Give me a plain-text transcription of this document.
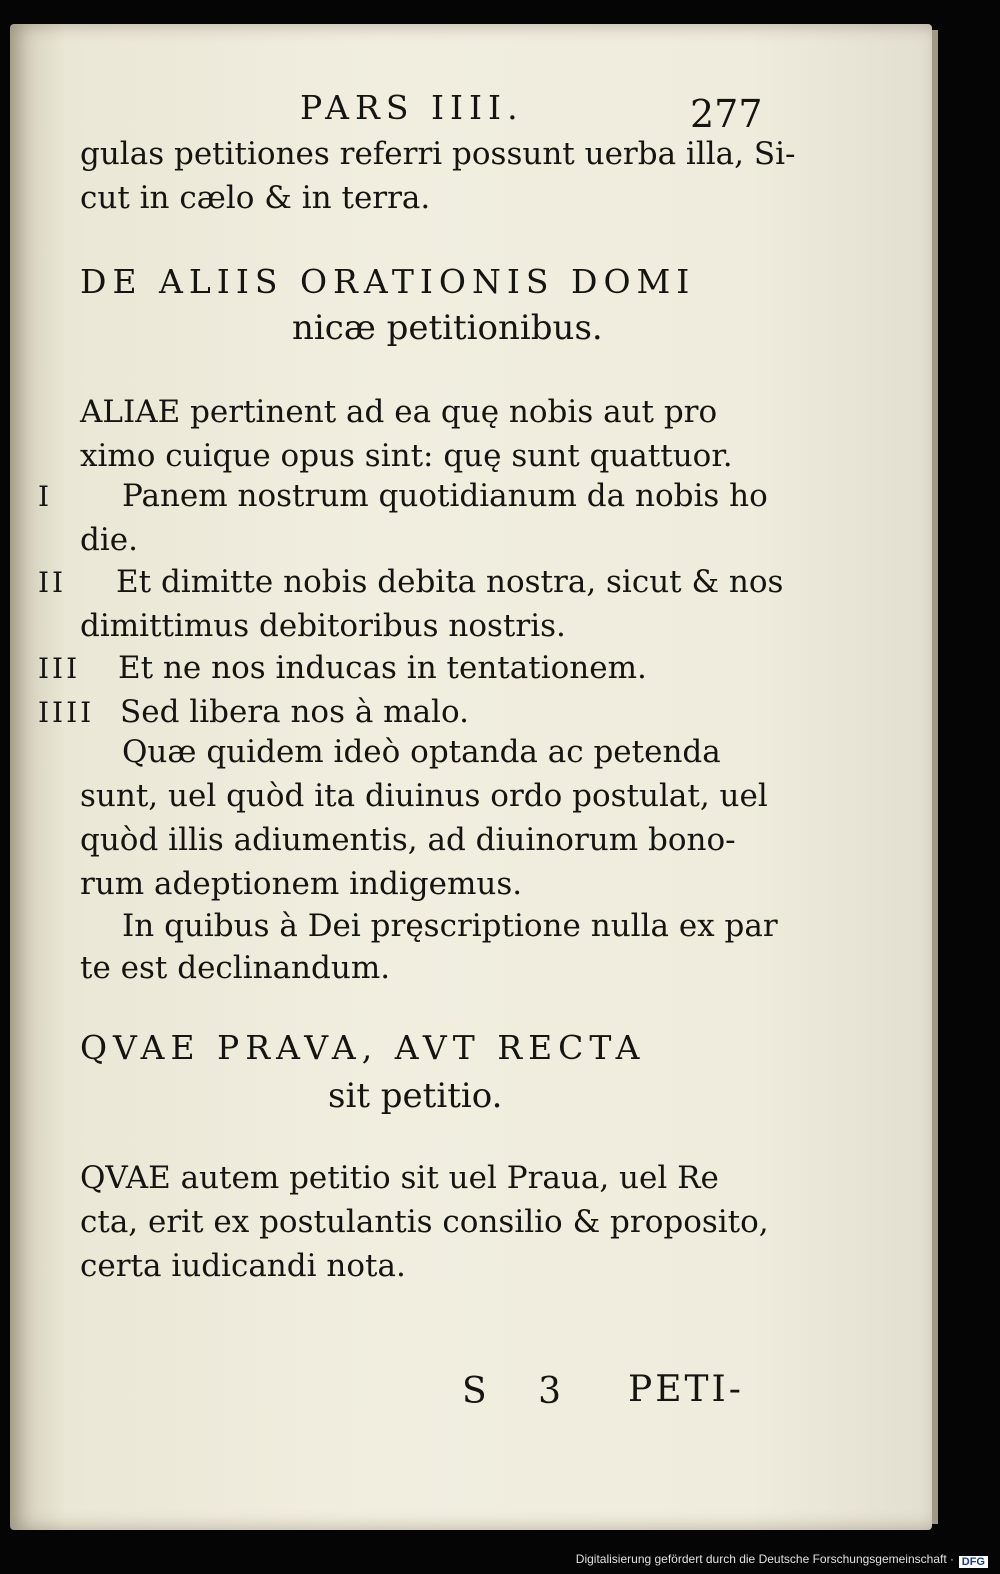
PARS IIII.	277
gulas petitiones referri possunt uerba illa, Si-
cut in cælo & in terra.
DE ALIIS ORATIONIS DOMI
nicæ petitionibus.
ALIAE pertinent ad ea quę nobis aut pro
ximo cuique opus sint: quę sunt quattuor.
I Panem nostrum quotidianum da nobis ho
die.
II Et dimitte nobis debita nostra, sicut & nos
dimittimus debitoribus nostris.
III Et ne nos inducas in tentationem.
IIII Sed libera nos à malo.
Quæ quidem ideò optanda ac petenda
sunt, uel quòd ita diuinus ordo postulat, uel
quòd illis adiumentis, ad diuinorum bono-
rum adeptionem indigemus.
In quibus à Dei pręscriptione nulla ex par
te est declinandum.
QVAE PRAVA, AVT RECTA
sit petitio.
QVAE autem petitio sit uel Praua, uel Re
cta, erit ex postulantis consilio & proposito,
certa iudicandi nota.
S 3 PETI-
Digitalisierung gefördert durch die Deutsche Forschungsgemeinschaft · DFG
